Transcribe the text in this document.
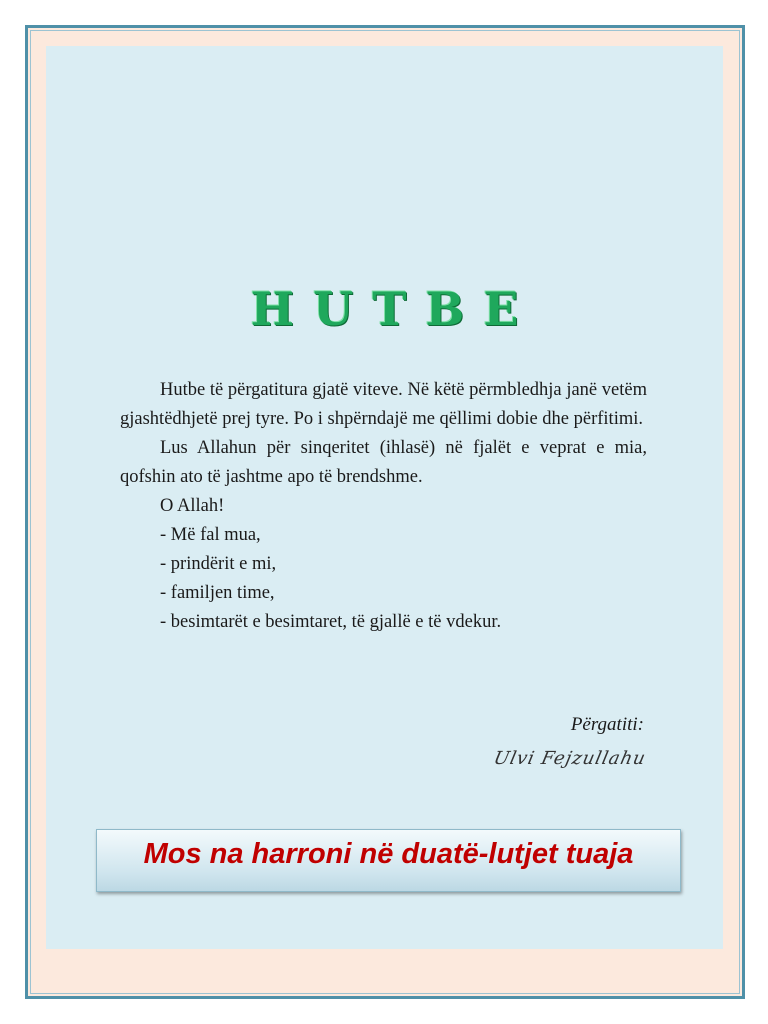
HUTBE

Hutbe të përgatitura gjatë viteve. Në këtë përmbledhja janë vetëm gjashtëdhjetë prej tyre. Po i shpërndajë me qëllimi dobie dhe përfitimi.

Lus Allahun për sinqeritet (ihlasë) në fjalët e veprat e mia, qofshin ato të jashtme apo të brendshme.

O Allah!

- Më fal mua,

- prindërit e mi,

- familjen time,

- besimtarët e besimtaret, të gjallë e të vdekur.

Përgatiti:
Ulvi Fejzullahu
Mos na harroni në duatë-lutjet tuaja
